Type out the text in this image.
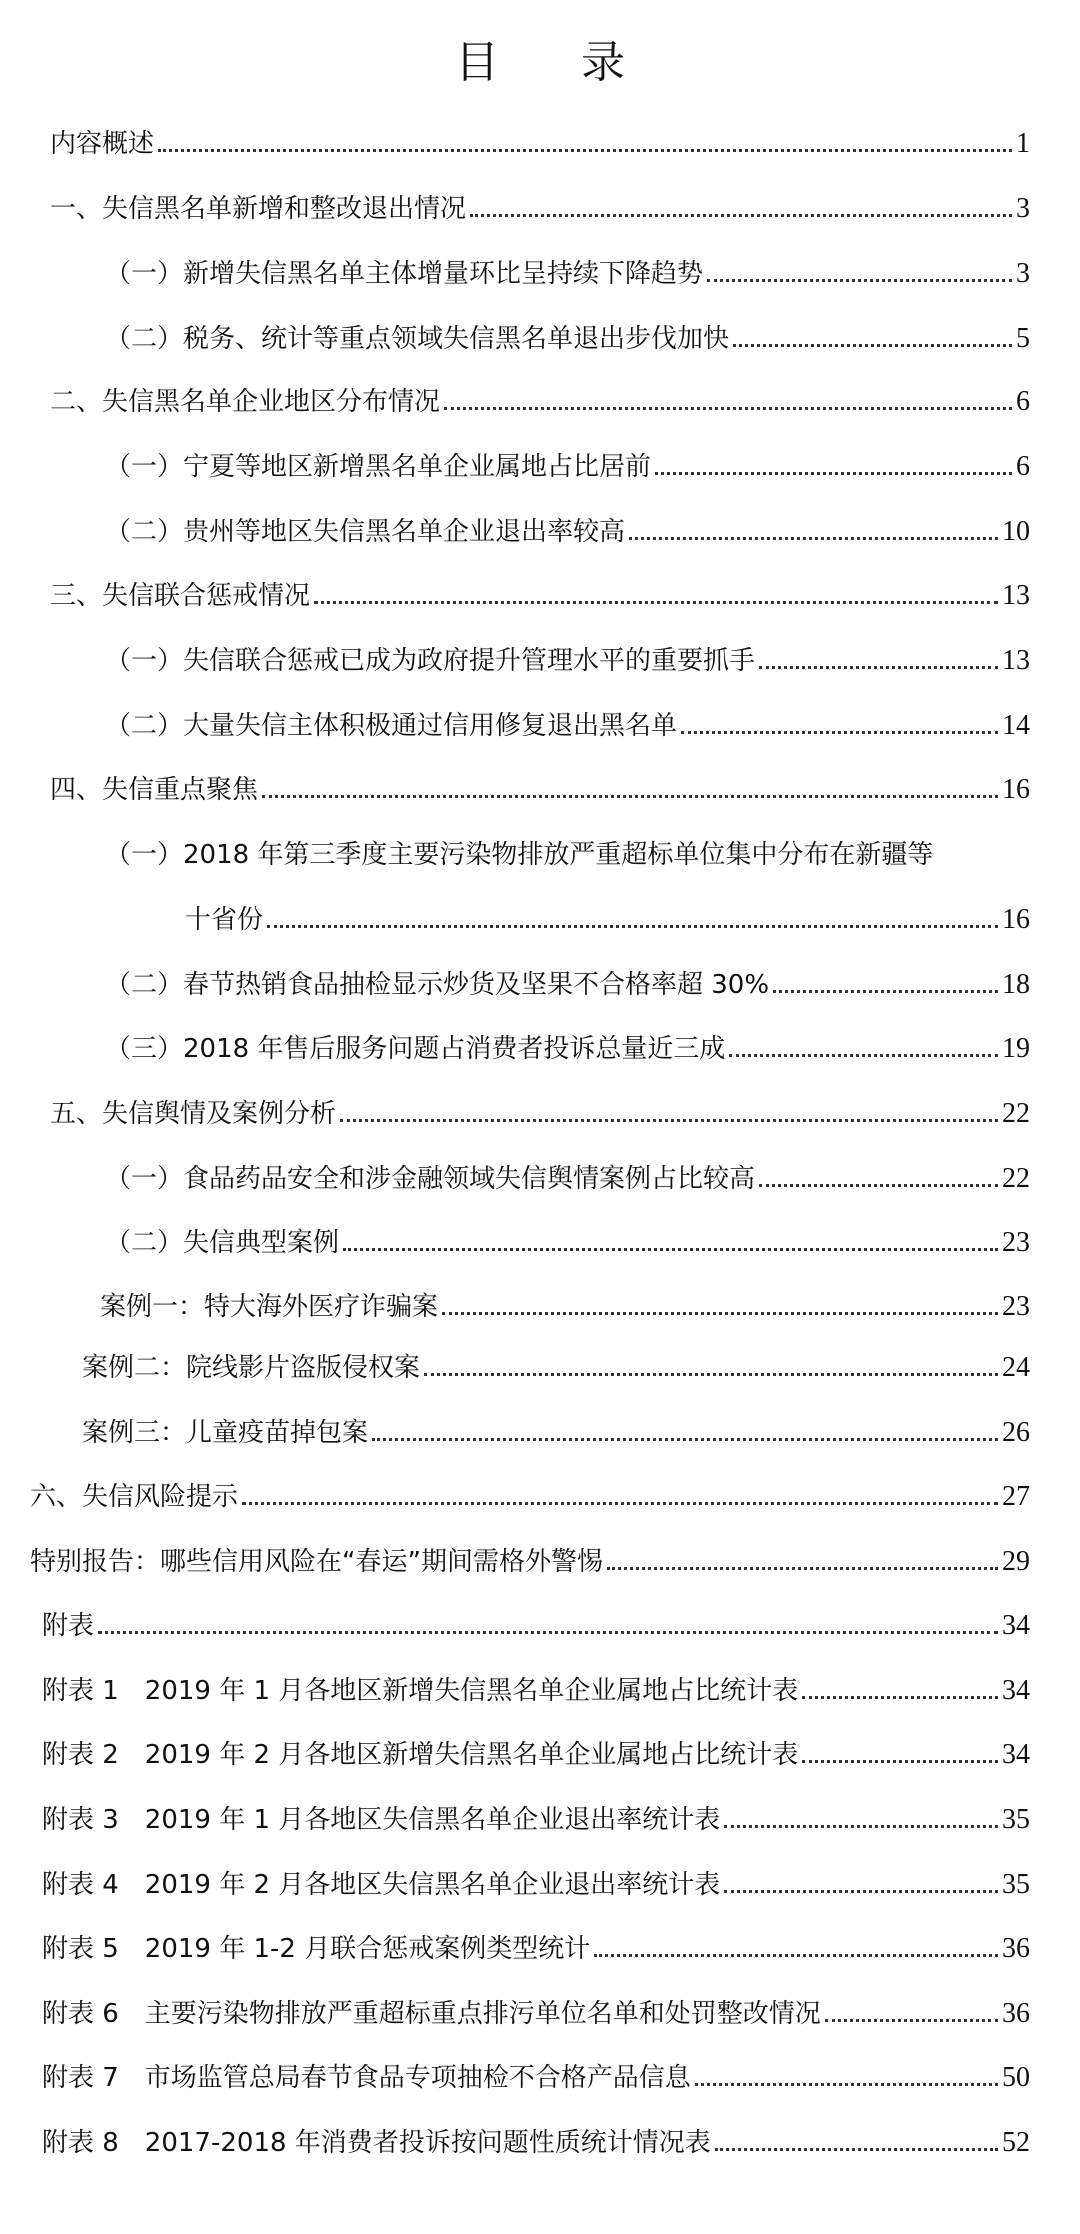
目 录
内容概述	1
一、失信黑名单新增和整改退出情况	3
（一）新增失信黑名单主体增量环比呈持续下降趋势	3
（二）税务、统计等重点领域失信黑名单退出步伐加快	5
二、失信黑名单企业地区分布情况	6
（一）宁夏等地区新增黑名单企业属地占比居前	6
（二）贵州等地区失信黑名单企业退出率较高	10
三、失信联合惩戒情况	13
（一）失信联合惩戒已成为政府提升管理水平的重要抓手	13
（二）大量失信主体积极通过信用修复退出黑名单	14
四、失信重点聚焦	16
（一）2018 年第三季度主要污染物排放严重超标单位集中分布在新疆等
十省份	16
（二）春节热销食品抽检显示炒货及坚果不合格率超 30%	18
（三）2018 年售后服务问题占消费者投诉总量近三成	19
五、失信舆情及案例分析	22
（一）食品药品安全和涉金融领域失信舆情案例占比较高	22
（二）失信典型案例	23
案例一：特大海外医疗诈骗案	23
案例二：院线影片盗版侵权案	24
案例三：儿童疫苗掉包案	26
六、失信风险提示	27
特别报告：哪些信用风险在“春运”期间需格外警惕	29
附表	34
附表 1　2019 年 1 月各地区新增失信黑名单企业属地占比统计表	34
附表 2　2019 年 2 月各地区新增失信黑名单企业属地占比统计表	34
附表 3　2019 年 1 月各地区失信黑名单企业退出率统计表	35
附表 4　2019 年 2 月各地区失信黑名单企业退出率统计表	35
附表 5　2019 年 1-2 月联合惩戒案例类型统计	36
附表 6　主要污染物排放严重超标重点排污单位名单和处罚整改情况	36
附表 7　市场监管总局春节食品专项抽检不合格产品信息	50
附表 8　2017-2018 年消费者投诉按问题性质统计情况表	52
